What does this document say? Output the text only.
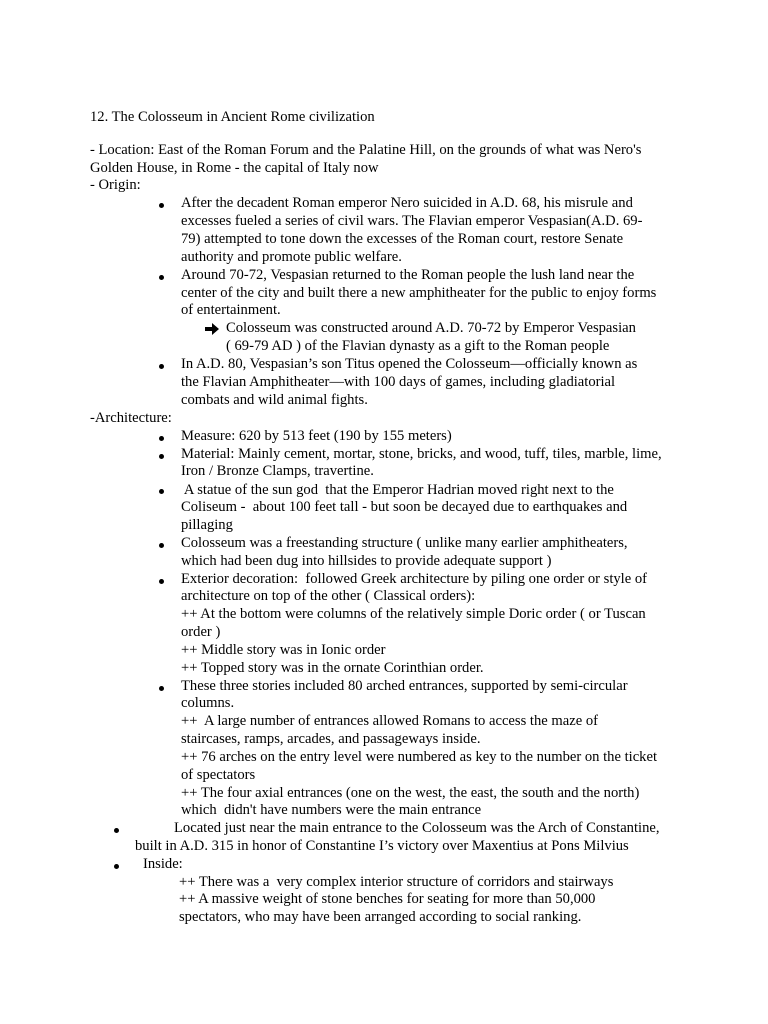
12. The Colosseum in Ancient Rome civilization
- Location: East of the Roman Forum and the Palatine Hill, on the grounds of what was Nero's
Golden House, in Rome - the capital of Italy now
- Origin:
After the decadent Roman emperor Nero suicided in A.D. 68, his misrule and
excesses fueled a series of civil wars. The Flavian emperor Vespasian(A.D. 69-
79) attempted to tone down the excesses of the Roman court, restore Senate
authority and promote public welfare.
Around 70-72, Vespasian returned to the Roman people the lush land near the
center of the city and built there a new amphitheater for the public to enjoy forms
of entertainment.
Colosseum was constructed around A.D. 70-72 by Emperor Vespasian
( 69-79 AD ) of the Flavian dynasty as a gift to the Roman people
In A.D. 80, Vespasian’s son Titus opened the Colosseum—officially known as
the Flavian Amphitheater—with 100 days of games, including gladiatorial
combats and wild animal fights.
-Architecture:
Measure: 620 by 513 feet (190 by 155 meters)
Material: Mainly cement, mortar, stone, bricks, and wood, tuff, tiles, marble, lime,
Iron / Bronze Clamps, travertine.
A statue of the sun god  that the Emperor Hadrian moved right next to the
Coliseum -  about 100 feet tall - but soon be decayed due to earthquakes and
pillaging
Colosseum was a freestanding structure ( unlike many earlier amphitheaters,
which had been dug into hillsides to provide adequate support )
Exterior decoration:  followed Greek architecture by piling one order or style of
architecture on top of the other ( Classical orders):
++ At the bottom were columns of the relatively simple Doric order ( or Tuscan
order )
++ Middle story was in Ionic order
++ Topped story was in the ornate Corinthian order.
These three stories included 80 arched entrances, supported by semi-circular
columns.
++  A large number of entrances allowed Romans to access the maze of
staircases, ramps, arcades, and passageways inside.
++ 76 arches on the entry level were numbered as key to the number on the ticket
of spectators
++ The four axial entrances (one on the west, the east, the south and the north)
which  didn't have numbers were the main entrance
Located just near the main entrance to the Colosseum was the Arch of Constantine,
built in A.D. 315 in honor of Constantine I’s victory over Maxentius at Pons Milvius
Inside:
++ There was a  very complex interior structure of corridors and stairways
++ A massive weight of stone benches for seating for more than 50,000
spectators, who may have been arranged according to social ranking.
